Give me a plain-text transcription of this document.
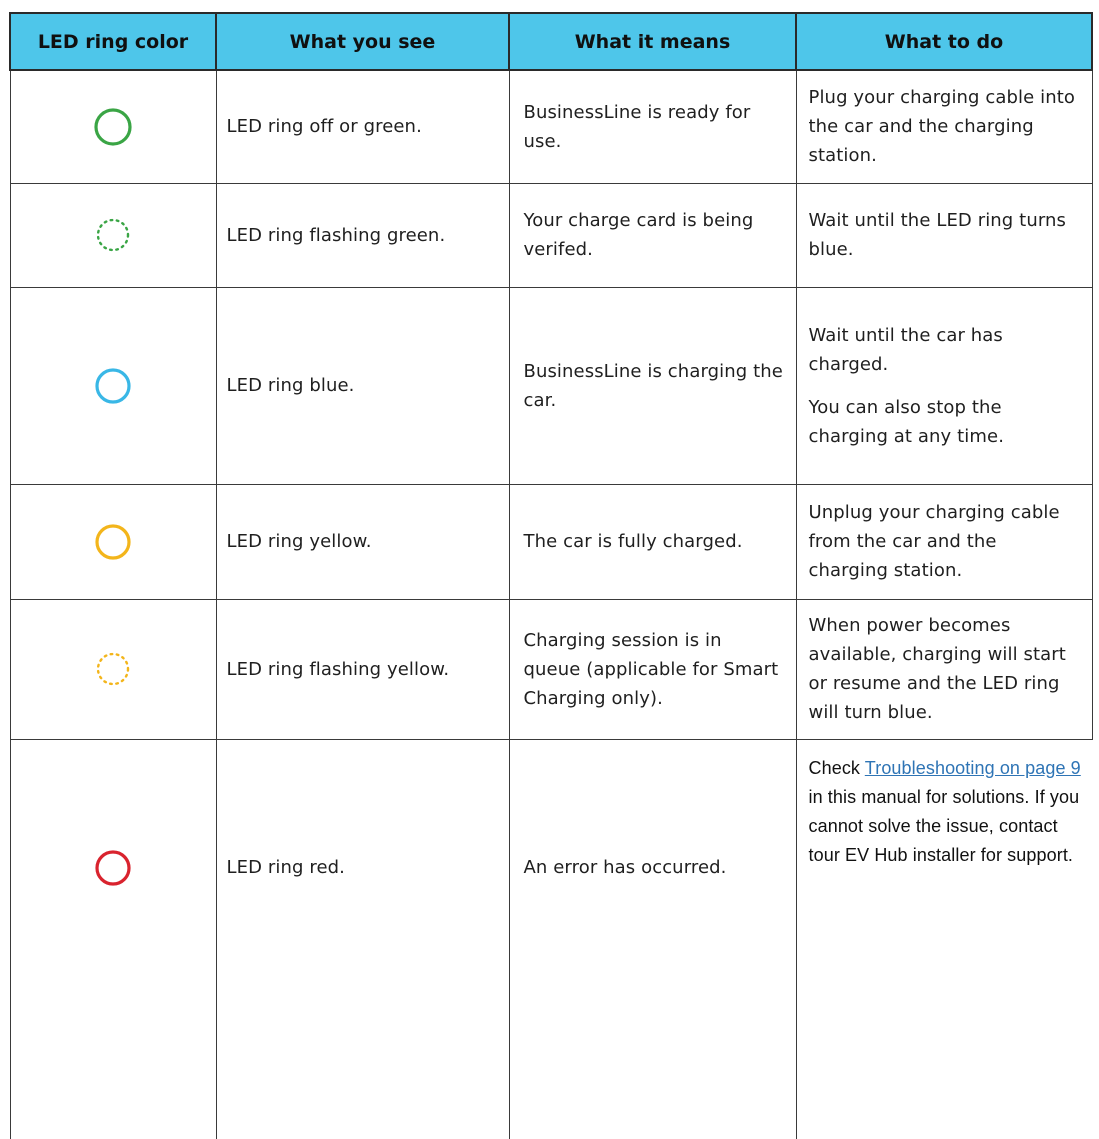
LED ring color	What you see	What it means	What to do
	LED ring off or green.	BusinessLine is ready for use.	Plug your charging cable into the car and the charging station.

	LED ring flashing green.	Your charge card is being verifed.	Wait until the LED ring turns blue.

	LED ring blue.	BusinessLine is charging the car.	Wait until the car has charged.

You can also stop the charging at any time.

	LED ring yellow.	The car is fully charged.	Unplug your charging cable from the car and the charging station.

	LED ring flashing yellow.	Charging session is in queue (applicable for Smart Charging only).	When power becomes available, charging will start or resume and the LED ring will turn blue.

	LED ring red.	An error has occurred.	Check Troubleshooting on page 9 in this manual for solutions. If you cannot solve the issue, contact tour EV Hub installer for support.
